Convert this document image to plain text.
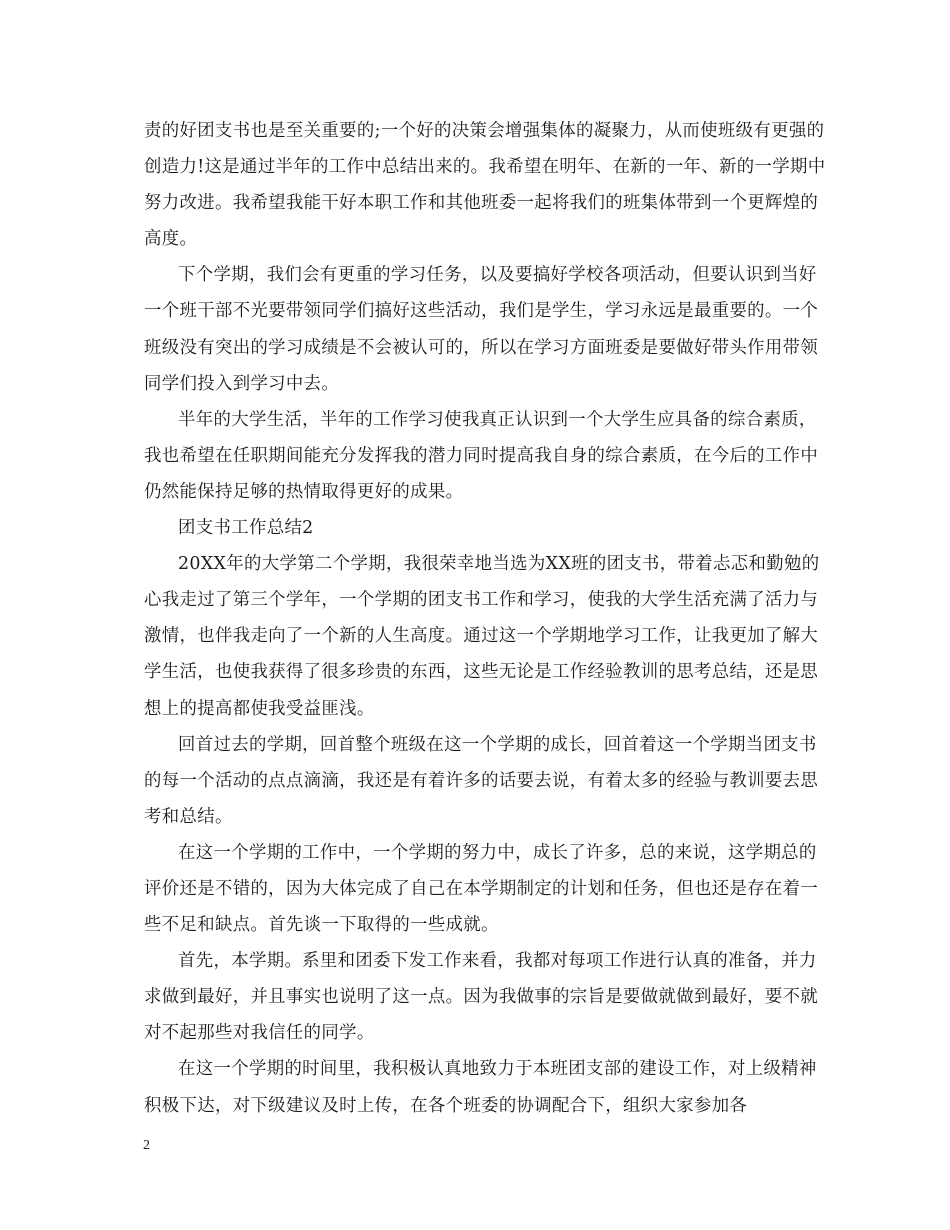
责的好团支书也是至关重要的;一个好的决策会增强集体的凝聚力，从而使班级有更强的创造力!这是通过半年的工作中总结出来的。我希望在明年、在新的一年、新的一学期中努力改进。我希望我能干好本职工作和其他班委一起将我们的班集体带到一个更辉煌的高度。

下个学期，我们会有更重的学习任务，以及要搞好学校各项活动，但要认识到当好一个班干部不光要带领同学们搞好这些活动，我们是学生，学习永远是最重要的。一个班级没有突出的学习成绩是不会被认可的，所以在学习方面班委是要做好带头作用带领同学们投入到学习中去。

半年的大学生活，半年的工作学习使我真正认识到一个大学生应具备的综合素质，我也希望在任职期间能充分发挥我的潜力同时提高我自身的综合素质，在今后的工作中仍然能保持足够的热情取得更好的成果。

团支书工作总结2

20XX年的大学第二个学期，我很荣幸地当选为XX班的团支书，带着忐忑和勤勉的心我走过了第三个学年，一个学期的团支书工作和学习，使我的大学生活充满了活力与激情，也伴我走向了一个新的人生高度。通过这一个学期地学习工作，让我更加了解大学生活，也使我获得了很多珍贵的东西，这些无论是工作经验教训的思考总结，还是思想上的提高都使我受益匪浅。

回首过去的学期，回首整个班级在这一个学期的成长，回首着这一个学期当团支书的每一个活动的点点滴滴，我还是有着许多的话要去说，有着太多的经验与教训要去思考和总结。

在这一个学期的工作中，一个学期的努力中，成长了许多，总的来说，这学期总的评价还是不错的，因为大体完成了自己在本学期制定的计划和任务，但也还是存在着一些不足和缺点。首先谈一下取得的一些成就。

首先，本学期。系里和团委下发工作来看，我都对每项工作进行认真的准备，并力求做到最好，并且事实也说明了这一点。因为我做事的宗旨是要做就做到最好，要不就对不起那些对我信任的同学。

在这一个学期的时间里，我积极认真地致力于本班团支部的建设工作，对上级精神积极下达，对下级建议及时上传，在各个班委的协调配合下，组织大家参加各

2
